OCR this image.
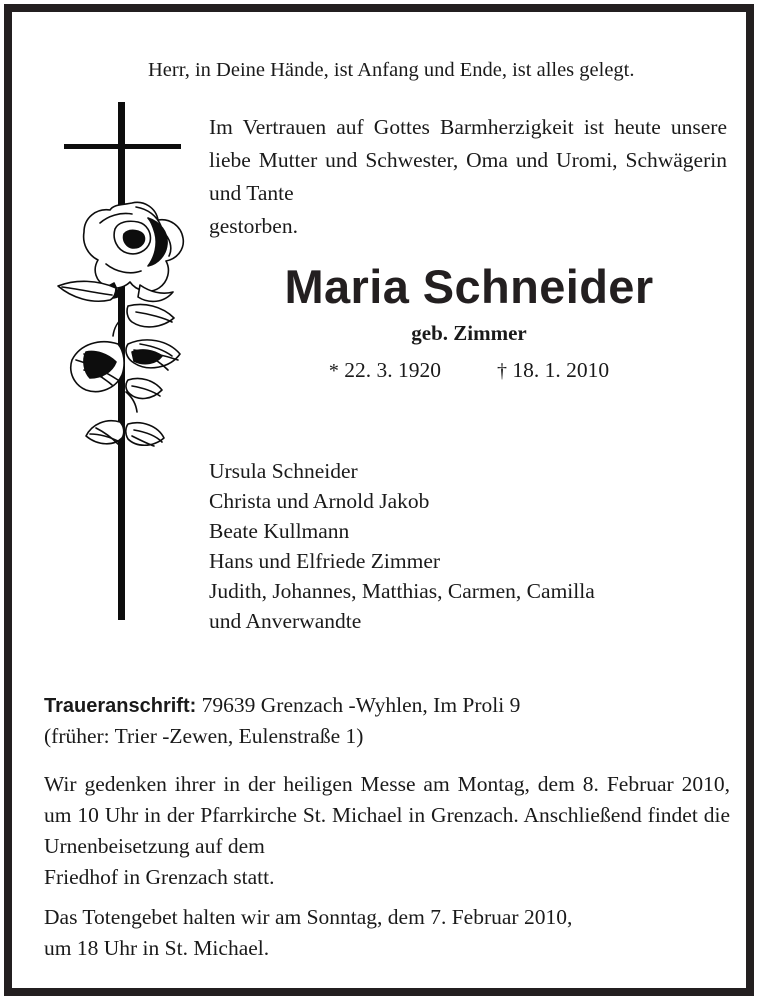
Herr, in Deine Hände, ist Anfang und Ende, ist alles gelegt.

Im Vertrauen auf Gottes Barmherzigkeit ist heute unsere liebe Mutter und Schwester, Oma und Uromi, Schwägerin und Tante

gestorben.

Maria Schneider
geb. Zimmer
* 22. 3. 1920	† 18. 1. 2010
Ursula Schneider
Christa und Arnold Jakob
Beate Kullmann
Hans und Elfriede Zimmer
Judith, Johannes, Matthias, Carmen, Camilla
und Anverwandte
Traueranschrift: 79639 Grenzach -Wyhlen, Im Proli 9
(früher: Trier -Zewen, Eulenstraße 1)

Wir gedenken ihrer in der heiligen Messe am Montag, dem 8. Februar 2010, um 10 Uhr in der Pfarrkirche St. Michael in Grenzach. Anschließend findet die Urnenbeisetzung auf dem

Friedhof in Grenzach statt.

Das Totengebet halten wir am Sonntag, dem 7. Februar 2010,

um 18 Uhr in St. Michael.
